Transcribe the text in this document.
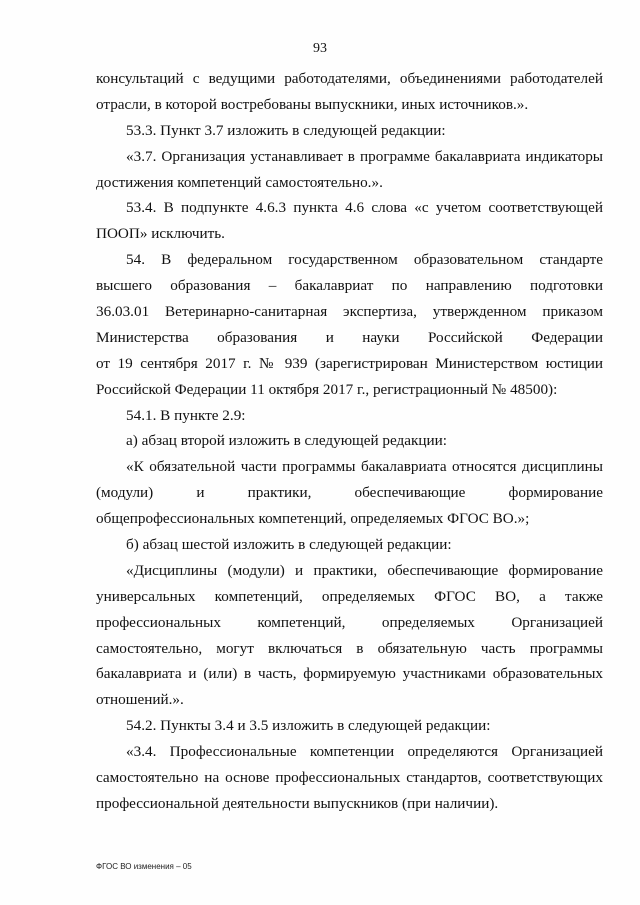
93
консультаций с ведущими работодателями, объединениями работодателей
отрасли, в которой востребованы выпускники, иных источников.».
53.3. Пункт 3.7 изложить в следующей редакции:
«3.7. Организация устанавливает в программе бакалавриата индикаторы
достижения компетенций самостоятельно.».
53.4. В подпункте 4.6.3 пункта 4.6 слова «с учетом соответствующей
ПООП» исключить.
54. В федеральном государственном образовательном стандарте
высшего образования – бакалавриат по направлению подготовки
36.03.01 Ветеринарно-санитарная экспертиза, утвержденном приказом
Министерства образования и науки Российской Федерации
от 19 сентября 2017 г. № 939 (зарегистрирован Министерством юстиции
Российской Федерации 11 октября 2017 г., регистрационный № 48500):
54.1. В пункте 2.9:
а) абзац второй изложить в следующей редакции:
«К обязательной части программы бакалавриата относятся дисциплины
(модули) и практики, обеспечивающие формирование
общепрофессиональных компетенций, определяемых ФГОС ВО.»;
б) абзац шестой изложить в следующей редакции:
«Дисциплины (модули) и практики, обеспечивающие формирование
универсальных компетенций, определяемых ФГОС ВО, а также
профессиональных компетенций, определяемых Организацией
самостоятельно, могут включаться в обязательную часть программы
бакалавриата и (или) в часть, формируемую участниками образовательных
отношений.».
54.2. Пункты 3.4 и 3.5 изложить в следующей редакции:
«3.4. Профессиональные компетенции определяются Организацией
самостоятельно на основе профессиональных стандартов, соответствующих
профессиональной деятельности выпускников (при наличии).
ФГОС ВО изменения – 05
